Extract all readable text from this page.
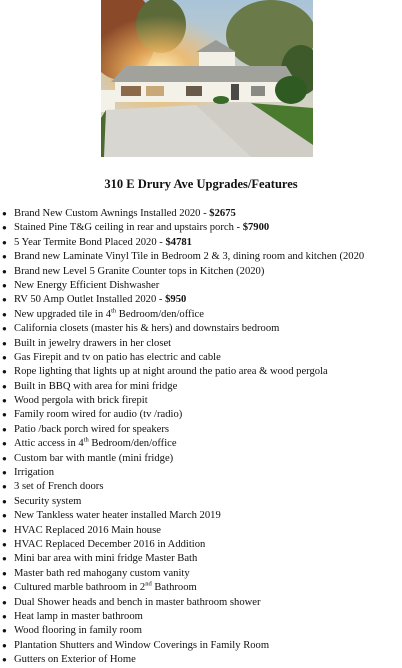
310 E Drury Ave Upgrades/Features
● Brand New Custom Awnings Installed 2020 - $2675
● Stained Pine T&G ceiling in rear and upstairs porch - $7900
● 5 Year Termite Bond Placed 2020 - $4781
● Brand new Laminate Vinyl Tile in Bedroom 2 & 3, dining room and kitchen (2020
● Brand new Level 5 Granite Counter tops in Kitchen (2020)
● New Energy Efficient Dishwasher
● RV 50 Amp Outlet Installed 2020 - $950
● New upgraded tile in 4th Bedroom/den/office
● California closets (master his & hers) and downstairs bedroom
● Built in jewelry drawers in her closet
● Gas Firepit and tv on patio has electric and cable
● Rope lighting that lights up at night around the patio area & wood pergola
● Built in BBQ with area for mini fridge
● Wood pergola with brick firepit
● Family room wired for audio (tv /radio)
● Patio /back porch wired for speakers
● Attic access in 4th Bedroom/den/office
● Custom bar with mantle (mini fridge)
● Irrigation
● 3 set of French doors
● Security system
● New Tankless water heater installed March 2019
● HVAC Replaced 2016 Main house
● HVAC Replaced December 2016 in Addition
● Mini bar area with mini fridge Master Bath
● Master bath red mahogany custom vanity
● Cultured marble bathroom in 2nd Bathroom
● Dual Shower heads and bench in master bathroom shower
● Heat lamp in master bathroom
● Wood flooring in family room
● Plantation Shutters and Window Coverings in Family Room
● Gutters on Exterior of Home
